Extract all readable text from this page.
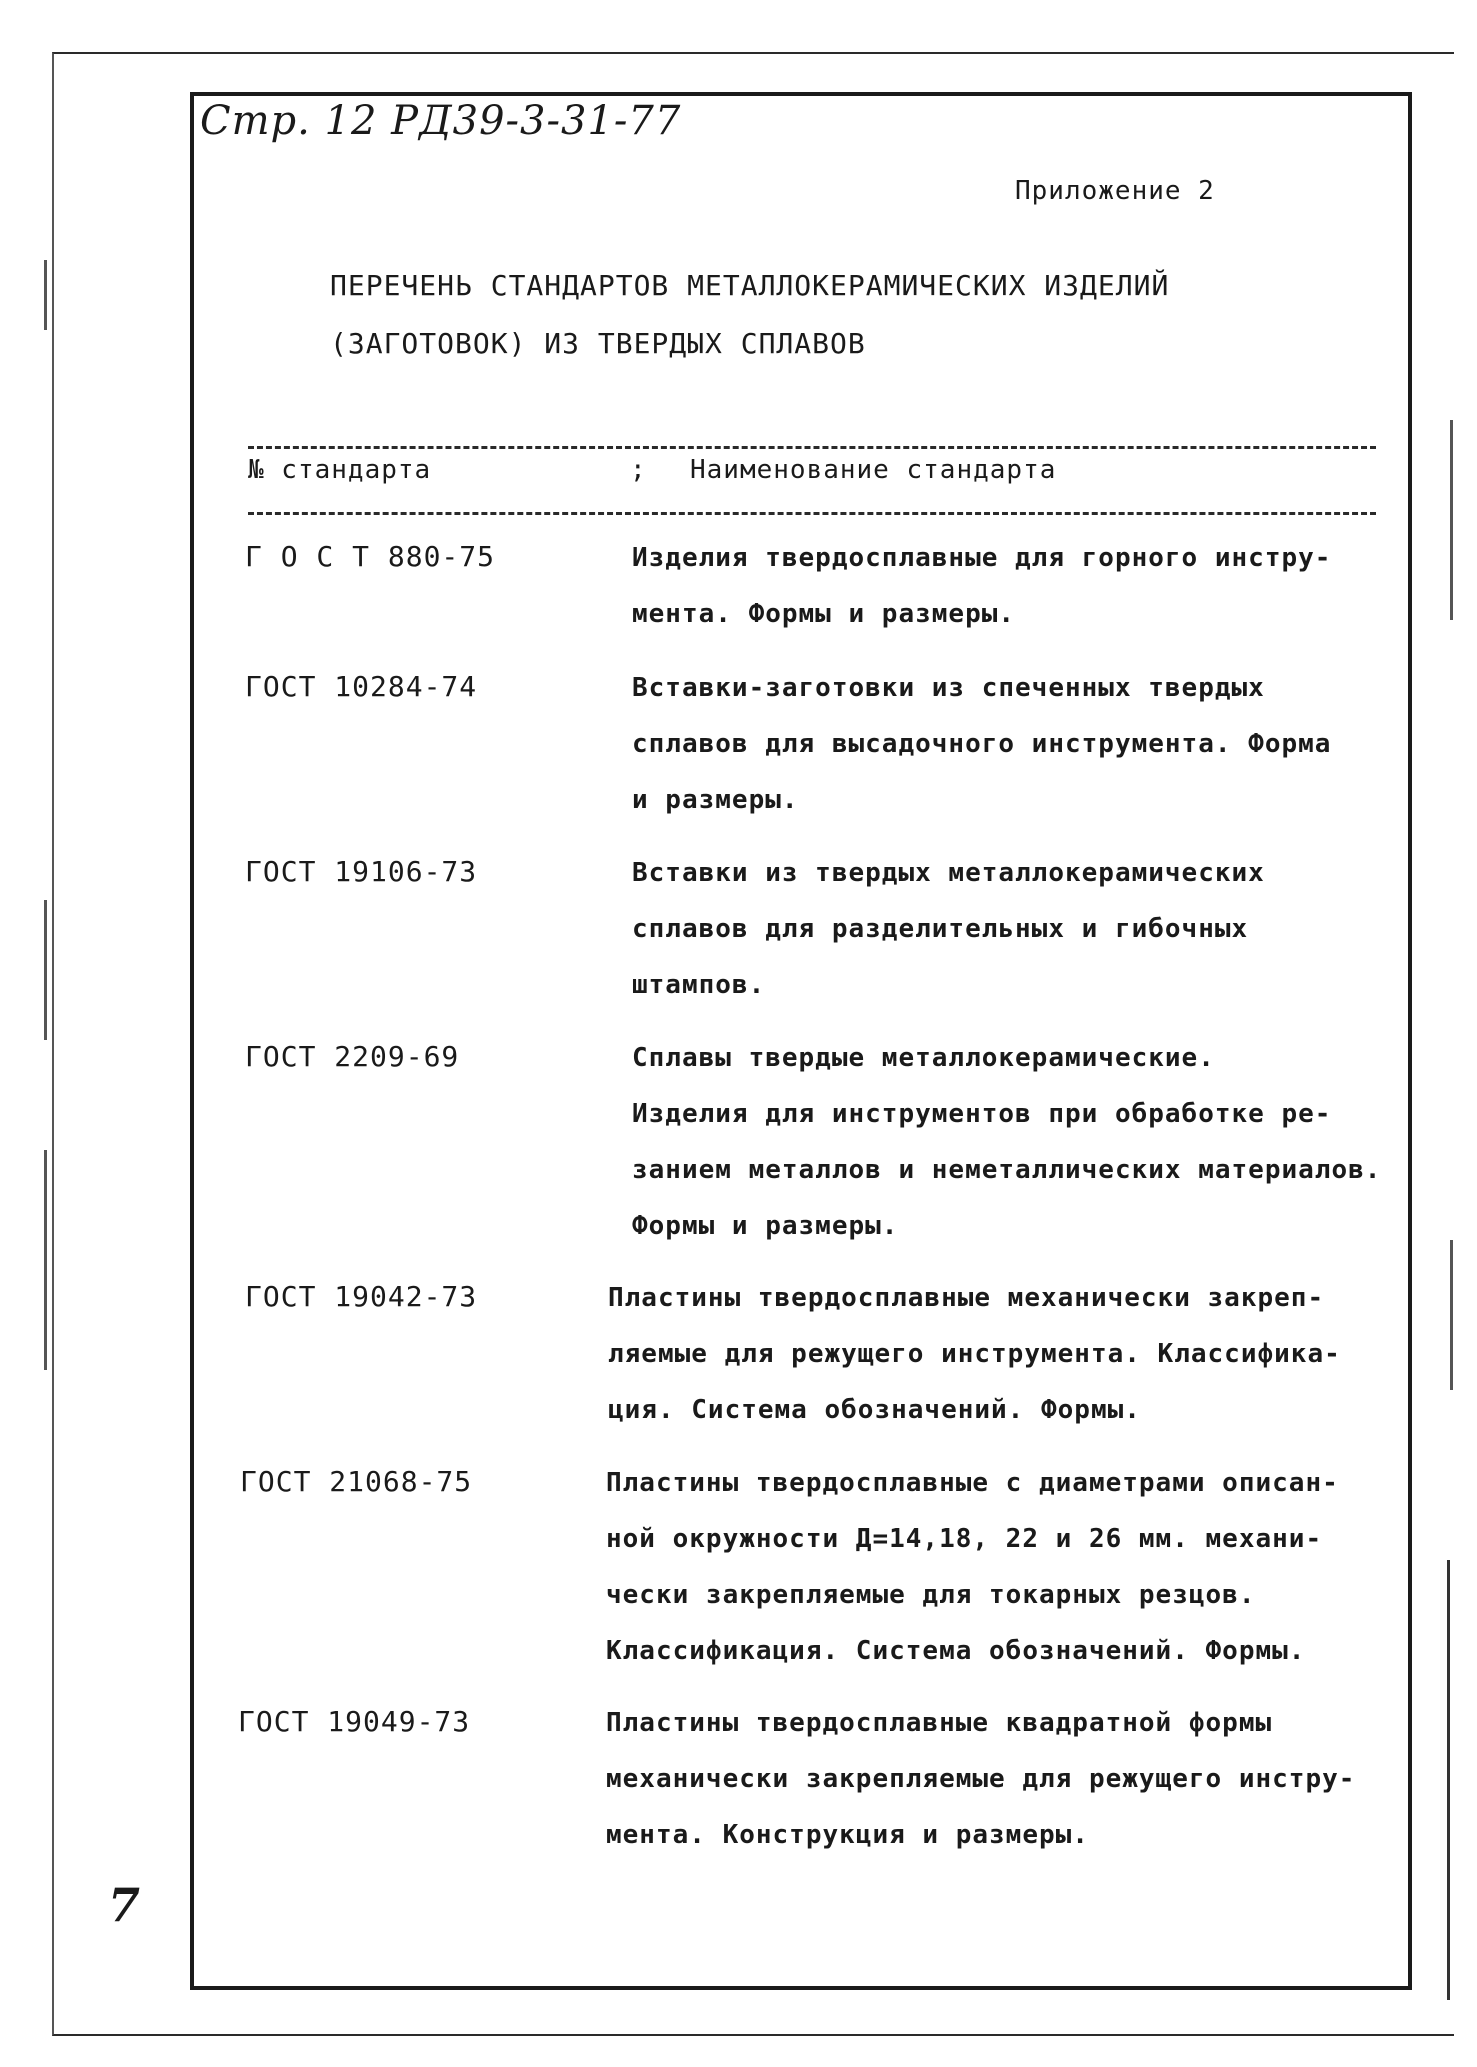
Стр. 12 РД39-3-31-77
Приложение 2
ПЕРЕЧЕНЬ СТАНДАРТОВ МЕТАЛЛОКЕРАМИЧЕСКИХ ИЗДЕЛИЙ
(ЗАГОТОВОК) ИЗ ТВЕРДЫХ СПЛАВОВ
№ стандарта	; Наименование стандарта
Г О С Т 880-75	Изделия твердосплавные для горного инстру-
мента. Формы и размеры.
ГОСТ 10284-74	Вставки-заготовки из спеченных твердых
сплавов для высадочного инструмента. Форма
и размеры.
ГОСТ 19106-73	Вставки из твердых металлокерамических
сплавов для разделительных и гибочных
штампов.
ГОСТ 2209-69	Сплавы твердые металлокерамические.
Изделия для инструментов при обработке ре-
занием металлов и неметаллических материалов.
Формы и размеры.
ГОСТ 19042-73	Пластины твердосплавные механически закреп-
ляемые для режущего инструмента. Классифика-
ция. Система обозначений. Формы.
ГОСТ 21068-75	Пластины твердосплавные с диаметрами описан-
ной окружности Д=14,18, 22 и 26 мм. механи-
чески закрепляемые для токарных резцов.
Классификация. Система обозначений. Формы.
ГОСТ 19049-73	Пластины твердосплавные квадратной формы
механически закрепляемые для режущего инстру-
мента. Конструкция и размеры.
7
